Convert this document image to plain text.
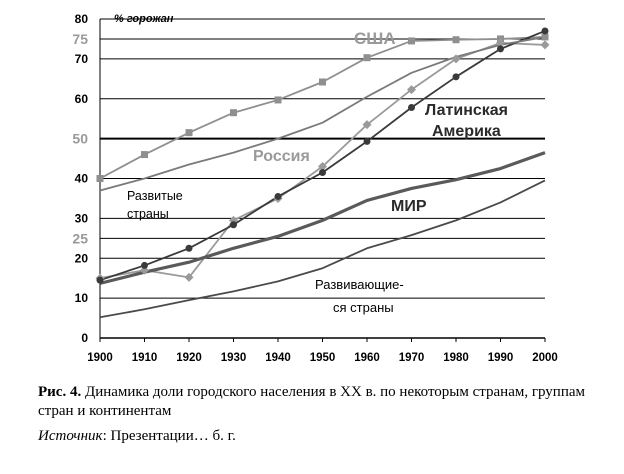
0
10
20
30
40
60
70
80
25
50
75
1900 1910 1920 1930 1940 1950 1960 1970 1980 1990 2000
% горожан
США
Россия
Латинская
Америка
Развитые
страны	МИР
Развивающие-
ся страны
Рис. 4. Динамика доли городского населения в XX в. по некоторым странам, группам стран и континентам
Источник: Презентации… б. г.
